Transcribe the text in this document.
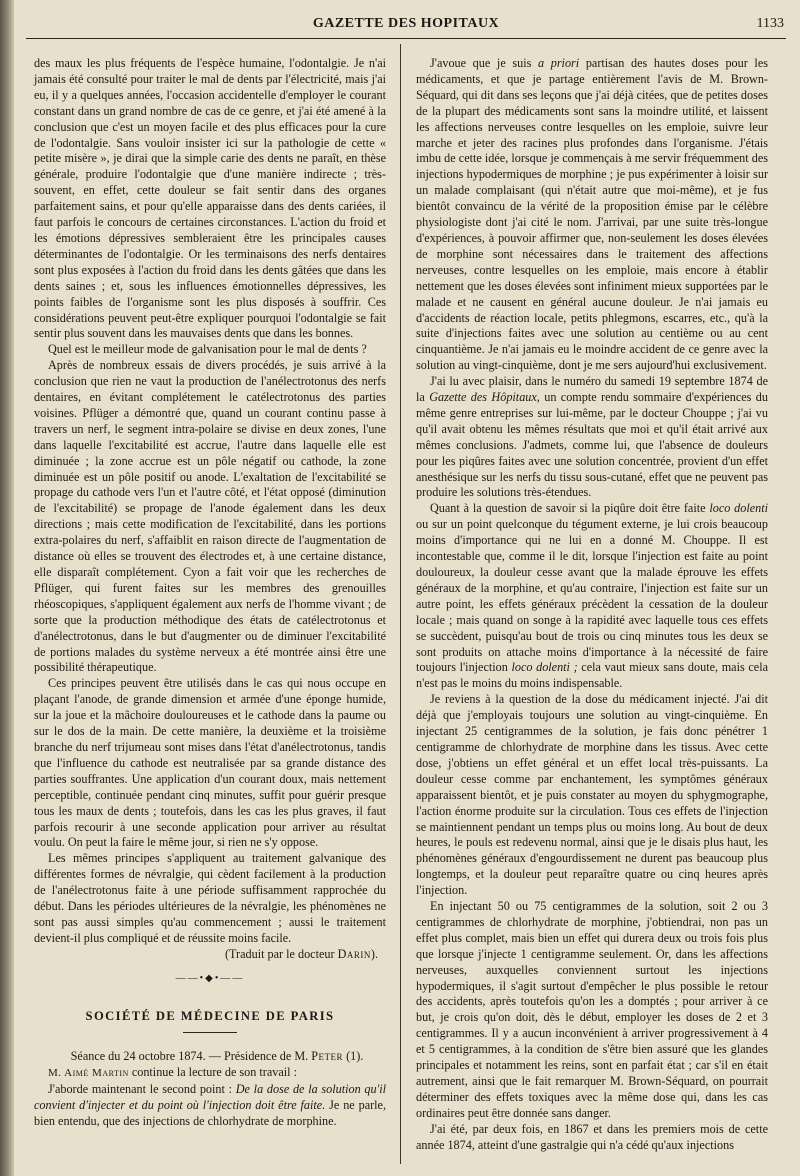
GAZETTE DES HOPITAUX	1133

des maux les plus fréquents de l'espèce humaine, l'odontalgie. Je n'ai jamais été consulté pour traiter le mal de dents par l'électricité, mais j'ai eu, il y a quelques années, l'occasion accidentelle d'employer le courant constant dans un grand nombre de cas de ce genre, et j'ai été amené à la conclusion que c'est un moyen facile et des plus efficaces pour la cure de l'odontalgie. Sans vouloir insister ici sur la pathologie de cette « petite misère », je dirai que la simple carie des dents ne paraît, en thèse générale, produire l'odontalgie que d'une manière indirecte ; très-souvent, en effet, cette douleur se fait sentir dans des organes parfaitement sains, et pour qu'elle apparaisse dans des dents cariées, il faut parfois le concours de certaines circonstances. L'action du froid et les émotions dépressives sembleraient être les principales causes déterminantes de l'odontalgie. Or les terminaisons des nerfs dentaires sont plus exposées à l'action du froid dans les dents gâtées que dans les dents saines ; et, sous les influences émotionnelles dépressives, les points faibles de l'organisme sont les plus disposés à souffrir. Ces considérations peuvent peut-être expliquer pourquoi l'odontalgie se fait sentir plus souvent dans les mauvaises dents que dans les bonnes.

Quel est le meilleur mode de galvanisation pour le mal de dents ?

Après de nombreux essais de divers procédés, je suis arrivé à la conclusion que rien ne vaut la production de l'anélectrotonus des nerfs dentaires, en évitant complétement le catélectrotonus des parties voisines. Pflüger a démontré que, quand un courant continu passe à travers un nerf, le segment intra-polaire se divise en deux zones, l'une dans laquelle l'excitabilité est accrue, l'autre dans laquelle elle est diminuée ; la zone accrue est un pôle négatif ou cathode, la zone diminuée est un pôle positif ou anode. L'exaltation de l'excitabilité se propage du cathode vers l'un et l'autre côté, et l'état opposé (diminution de l'excitabilité) se propage de l'anode également dans les deux directions ; mais cette modification de l'excitabilité, dans les portions extra-polaires du nerf, s'affaiblit en raison directe de l'augmentation de distance où elles se trouvent des électrodes et, à une certaine distance, elle disparaît complétement. Cyon a fait voir que les recherches de Pflüger, qui furent faites sur les membres des grenouilles rhéoscopiques, s'appliquent également aux nerfs de l'homme vivant ; de sorte que la production méthodique des états de catélectrotonus et d'anélectrotonus, dans le but d'augmenter ou de diminuer l'excitabilité de portions malades du système nerveux a été montrée ainsi être une possibilité thérapeutique.

Ces principes peuvent être utilisés dans le cas qui nous occupe en plaçant l'anode, de grande dimension et armée d'une éponge humide, sur la joue et la mâchoire douloureuses et le cathode dans la paume ou sur le dos de la main. De cette manière, la deuxième et la troisième branche du nerf trijumeau sont mises dans l'état d'anélectrotonus, tandis que l'influence du cathode est neutralisée par sa grande distance des parties souffrantes. Une application d'un courant doux, mais nettement perceptible, continuée pendant cinq minutes, suffit pour guérir presque tous les maux de dents ; toutefois, dans les cas les plus graves, il faut parfois recourir à une seconde application pour arriver au résultat voulu. On peut la faire le même jour, si rien ne s'y oppose.

Les mêmes principes s'appliquent au traitement galvanique des différentes formes de névralgie, qui cèdent facilement à la production de l'anélectrotonus faite à une période suffisamment rapprochée du début. Dans les périodes ultérieures de la névralgie, les phénomènes ne sont pas aussi simples qu'au commencement ; aussi le traitement devient-il plus compliqué et de réussite moins facile.

(Traduit par le docteur Darin).

——•◆•——
SOCIÉTÉ DE MÉDECINE DE PARIS

Séance du 24 octobre 1874. — Présidence de M. Peter (1).

M. Aimé Martin continue la lecture de son travail :

J'aborde maintenant le second point : De la dose de la solution qu'il convient d'injecter et du point où l'injection doit être faite. Je ne parle, bien entendu, que des injections de chlorhydrate de morphine.

J'avoue que je suis a priori partisan des hautes doses pour les médicaments, et que je partage entièrement l'avis de M. Brown-Séquard, qui dit dans ses leçons que j'ai déjà citées, que de petites doses de la plupart des médicaments sont sans la moindre utilité, et laissent les affections nerveuses contre lesquelles on les emploie, suivre leur marche et jeter des racines plus profondes dans l'organisme. J'étais imbu de cette idée, lorsque je commençais à me servir fréquemment des injections hypodermiques de morphine ; je pus expérimenter à loisir sur un malade complaisant (qui n'était autre que moi-même), et je fus bientôt convaincu de la vérité de la proposition émise par le célèbre physiologiste dont j'ai cité le nom. J'arrivai, par une suite très-longue d'expériences, à pouvoir affirmer que, non-seulement les doses élevées de morphine sont nécessaires dans le traitement des affections nerveuses, contre lesquelles on les emploie, mais encore à établir nettement que les doses élevées sont infiniment mieux supportées par le malade et ne causent en général aucune douleur. Je n'ai jamais eu d'accidents de réaction locale, petits phlegmons, escarres, etc., qu'à la suite d'injections faites avec une solution au centième ou au cent cinquantième. Je n'ai jamais eu le moindre accident de ce genre avec la solution au vingt-cinquième, dont je me sers aujourd'hui exclusivement.

J'ai lu avec plaisir, dans le numéro du samedi 19 septembre 1874 de la Gazette des Hôpitaux, un compte rendu sommaire d'expériences du même genre entreprises sur lui-même, par le docteur Chouppe ; j'ai vu qu'il avait obtenu les mêmes résultats que moi et qu'il était arrivé aux mêmes conclusions. J'admets, comme lui, que l'absence de douleurs pour les piqûres faites avec une solution concentrée, provient d'un effet anesthésique sur les nerfs du tissu sous-cutané, effet que ne peuvent pas produire les solutions très-étendues.

Quant à la question de savoir si la piqûre doit être faite loco dolenti ou sur un point quelconque du tégument externe, je lui crois beaucoup moins d'importance qui ne lui en a donné M. Chouppe. Il est incontestable que, comme il le dit, lorsque l'injection est faite au point douloureux, la douleur cesse avant que la malade éprouve les effets généraux de la morphine, et qu'au contraire, l'injection est faite sur un autre point, les effets généraux précèdent la cessation de la douleur locale ; mais quand on songe à la rapidité avec laquelle tous ces effets se succèdent, puisqu'au bout de trois ou cinq minutes tous les deux se sont produits on attache moins d'importance à la nécessité de faire toujours l'injection loco dolenti ; cela vaut mieux sans doute, mais cela n'est pas le moins du moins indispensable.

Je reviens à la question de la dose du médicament injecté. J'ai dit déjà que j'employais toujours une solution au vingt-cinquième. En injectant 25 centigrammes de la solution, je fais donc pénétrer 1 centigramme de chlorhydrate de morphine dans les tissus. Avec cette dose, j'obtiens un effet général et un effet local très-puissants. La douleur cesse comme par enchantement, les symptômes généraux apparaissent bientôt, et je puis constater au moyen du sphygmographe, l'action énorme produite sur la circulation. Tous ces effets de l'injection se maintiennent pendant un temps plus ou moins long. Au bout de deux heures, le pouls est redevenu normal, ainsi que je le disais plus haut, les phénomènes généraux d'engourdissement ne durent pas beaucoup plus longtemps, et la douleur peut reparaître quatre ou cinq heures après l'injection.

En injectant 50 ou 75 centigrammes de la solution, soit 2 ou 3 centigrammes de chlorhydrate de morphine, j'obtiendrai, non pas un effet plus complet, mais bien un effet qui durera deux ou trois fois plus que lorsque j'injecte 1 centigramme seulement. Or, dans les affections nerveuses, auxquelles conviennent surtout les injections hypodermiques, il s'agit surtout d'empêcher le plus possible le retour des accidents, après toutefois qu'on les a domptés ; pour arriver à ce but, je crois qu'on doit, dès le début, employer les doses de 2 et 3 centigrammes. Il y a aucun inconvénient à arriver progressivement à 4 et 5 centigrammes, à la condition de s'être bien assuré que les glandes principales et notamment les reins, sont en parfait état ; car s'il en était autrement, ainsi que le fait remarquer M. Brown-Séquard, on pourrait déterminer des effets toxiques avec la même dose qui, dans les cas ordinaires peut être donnée sans danger.

J'ai été, par deux fois, en 1867 et dans les premiers mois de cette année 1874, atteint d'une gastralgie qui n'a cédé qu'aux injections
